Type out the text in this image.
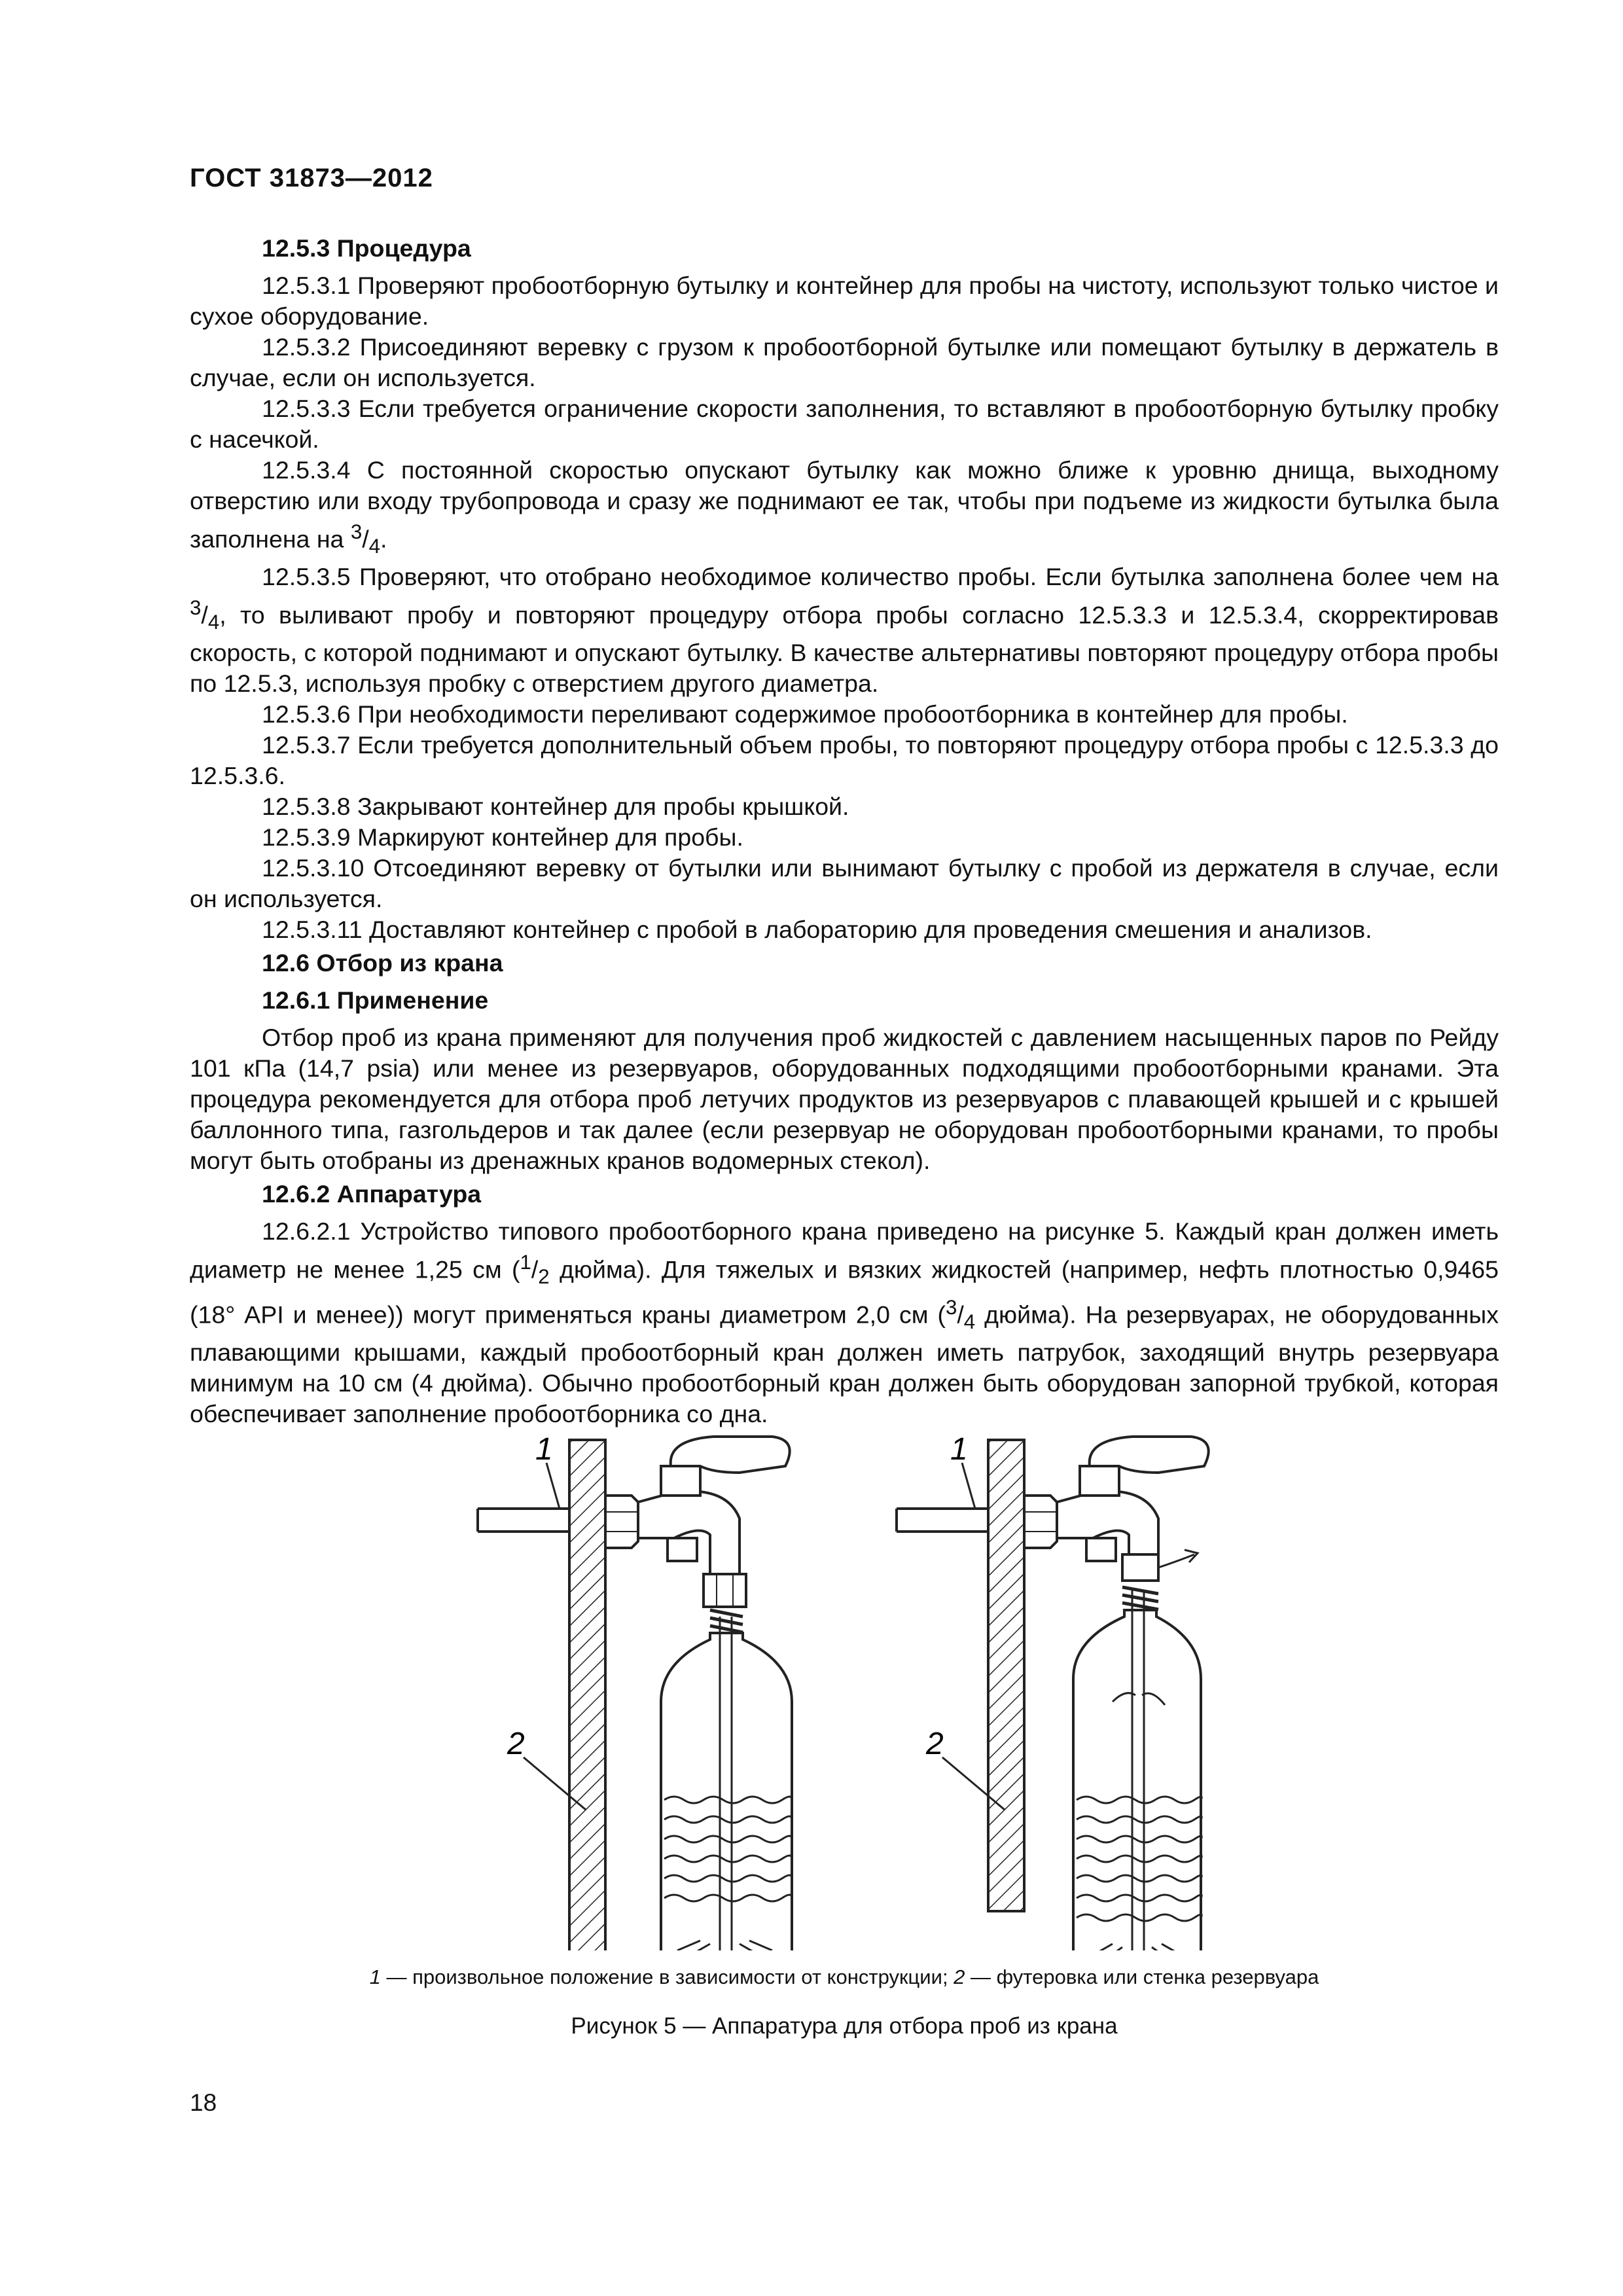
ГОСТ 31873—2012

12.5.3 Процедура

12.5.3.1 Проверяют пробоотборную бутылку и контейнер для пробы на чистоту, используют только чистое и сухое оборудование.

12.5.3.2 Присоединяют веревку с грузом к пробоотборной бутылке или помещают бутылку в держатель в случае, если он используется.

12.5.3.3 Если требуется ограничение скорости заполнения, то вставляют в пробоотборную бутылку пробку с насечкой.

12.5.3.4 С постоянной скоростью опускают бутылку как можно ближе к уровню днища, выходному отверстию или входу трубопровода и сразу же поднимают ее так, чтобы при подъеме из жидкости бутылка была заполнена на $^3/_4$.

12.5.3.5 Проверяют, что отобрано необходимое количество пробы. Если бутылка заполнена более чем на $^3/_4$, то выливают пробу и повторяют процедуру отбора пробы согласно 12.5.3.3 и 12.5.3.4, скорректировав скорость, с которой поднимают и опускают бутылку. В качестве альтернативы повторяют процедуру отбора пробы по 12.5.3, используя пробку с отверстием другого диаметра.

12.5.3.6 При необходимости переливают содержимое пробоотборника в контейнер для пробы.

12.5.3.7 Если требуется дополнительный объем пробы, то повторяют процедуру отбора пробы с 12.5.3.3 до 12.5.3.6.

12.5.3.8 Закрывают контейнер для пробы крышкой.

12.5.3.9 Маркируют контейнер для пробы.

12.5.3.10 Отсоединяют веревку от бутылки или вынимают бутылку с пробой из держателя в случае, если он используется.

12.5.3.11 Доставляют контейнер с пробой в лабораторию для проведения смешения и анализов.

12.6 Отбор из крана

12.6.1 Применение

Отбор проб из крана применяют для получения проб жидкостей с давлением насыщенных паров по Рейду 101 кПа (14,7 psia) или менее из резервуаров, оборудованных подходящими пробоотборными кранами. Эта процедура рекомендуется для отбора проб летучих продуктов из резервуаров с плавающей крышей и с крышей баллонного типа, газгольдеров и так далее (если резервуар не оборудован пробоотборными кранами, то пробы могут быть отобраны из дренажных кранов водомерных стекол).

12.6.2 Аппаратура

12.6.2.1 Устройство типового пробоотборного крана приведено на рисунке 5. Каждый кран должен иметь диаметр не менее 1,25 см ($^1/_2$ дюйма). Для тяжелых и вязких жидкостей (например, нефть плотностью 0,9465 (18° API и менее)) могут применяться краны диаметром 2,0 см ($^3/_4$ дюйма). На резервуарах, не оборудованных плавающими крышами, каждый пробоотборный кран должен иметь патрубок, заходящий внутрь резервуара минимум на 10 см (4 дюйма). Обычно пробоотборный кран должен быть оборудован запорной трубкой, которая обеспечивает заполнение пробоотборника со дна.

1
2
1
2
1 — произвольное положение в зависимости от конструкции; 2 — футеровка или стенка резервуара
Рисунок 5 — Аппаратура для отбора проб из крана
18
